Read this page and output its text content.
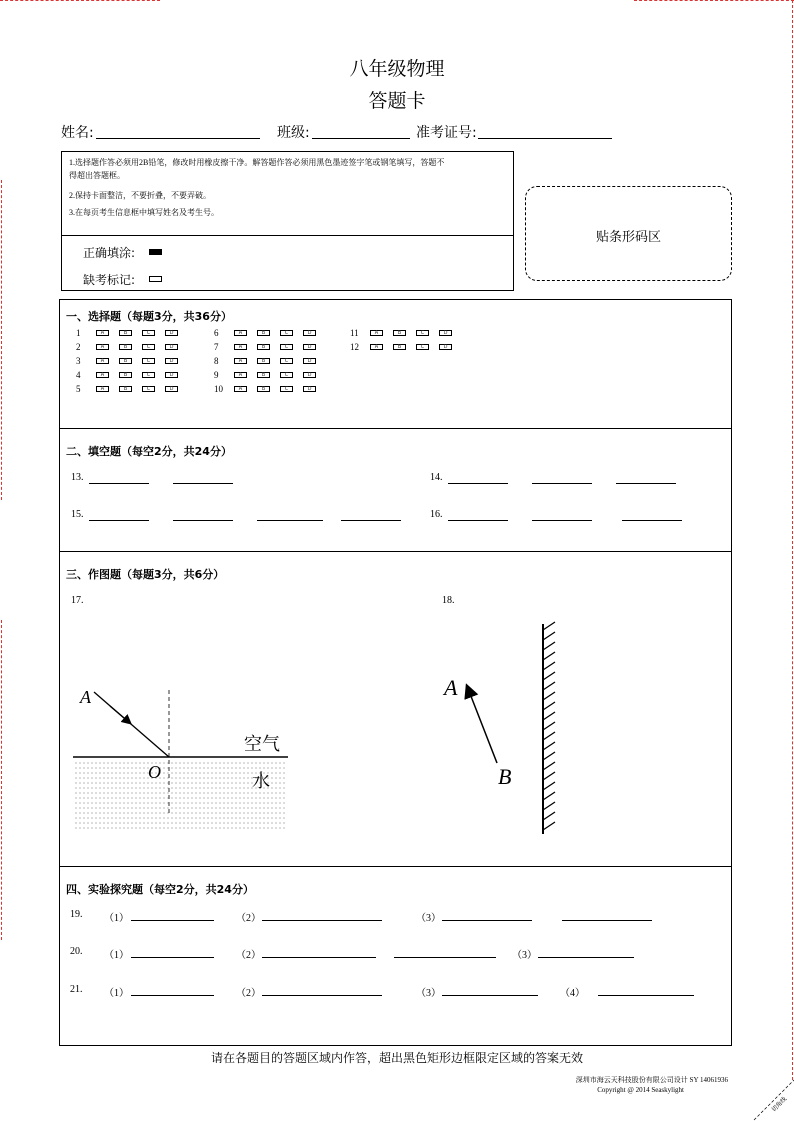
切角线
八年级物理
答题卡
姓名:	班级:	准考证号:
1.选择题作答必须用2B铅笔，修改时用橡皮擦干净。解答题作答必须用黑色墨迹签字笔或钢笔填写，答题不
得超出答题框。
2.保持卡面整洁，不要折叠，不要弄破。
3.在每页考生信息框中填写姓名及考生号。
正确填涂:
缺考标记:
贴条形码区
一、选择题（每题3分，共36分）
1	A	B	C	D
2	A	B	C	D
3	A	B	C	D
4	A	B	C	D
5	A	B	C	D
6	A	B	C	D
7	A	B	C	D
8	A	B	C	D
9	A	B	C	D
10	A	B	C	D
11	A	B	C	D
12	A	B	C	D
二、填空题（每空2分，共24分）
13.	14.
15.	16.
三、作图题（每题3分，共6分）
17.	18.
A
O
空气
水
A
B
四、实验探究题（每空2分，共24分）
19. （1）	（2）	（3）
20. （1）	（2）	（3）
21. （1）	（2）	（3）	（4）
请在各题目的答题区域内作答，超出黑色矩形边框限定区域的答案无效
深圳市海云天科技股份有限公司设计 SY 14061936
Copyright @ 2014 Seaskylight
